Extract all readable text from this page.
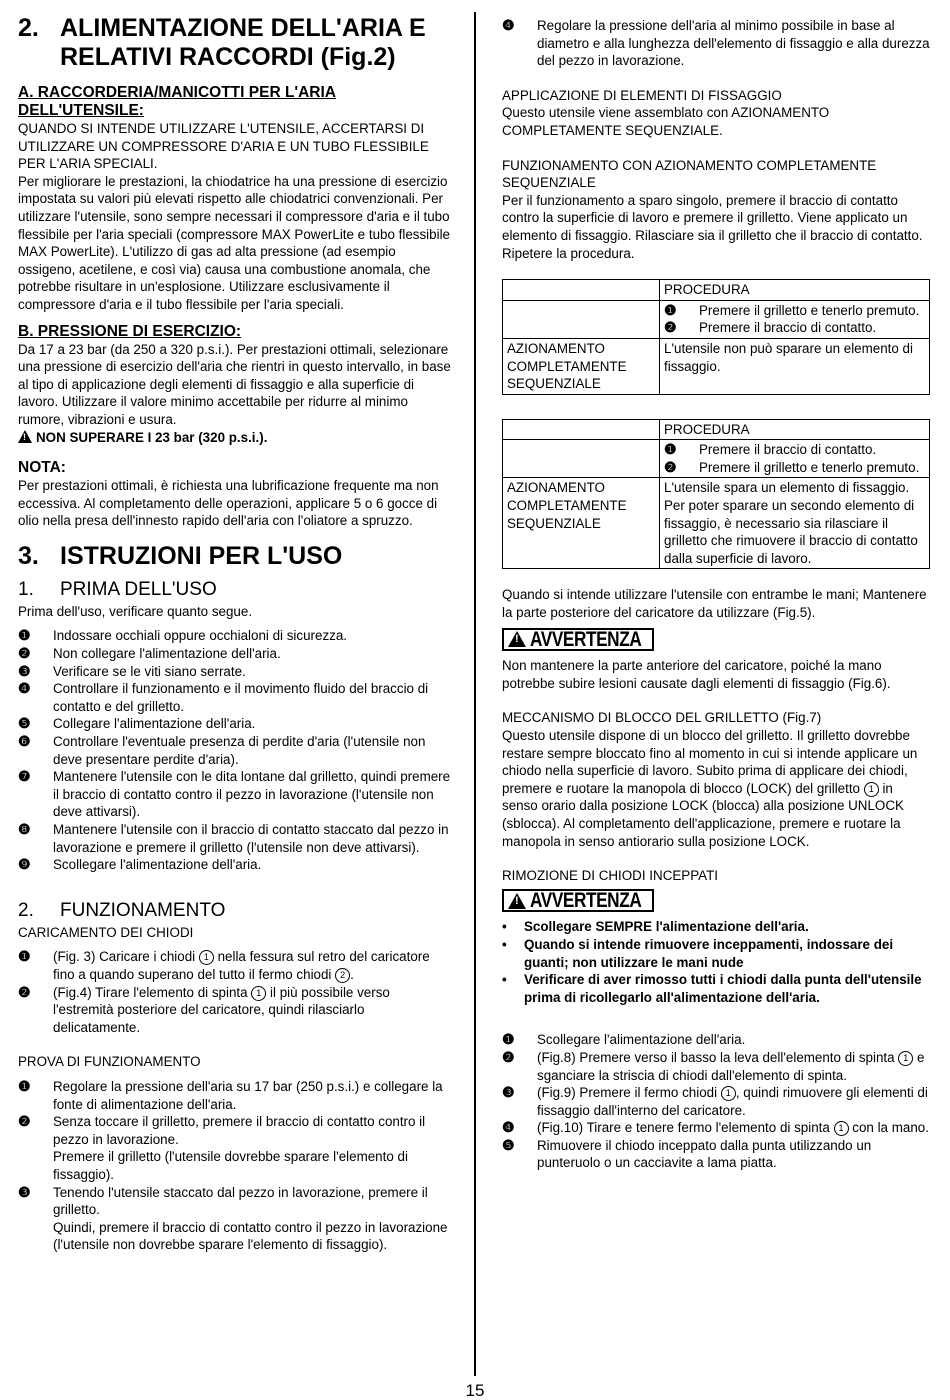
2. ALIMENTAZIONE DELL'ARIA E RELATIVI RACCORDI (Fig.2)
A. RACCORDERIA/MANICOTTI PER L'ARIA DELL'UTENSILE:

QUANDO SI INTENDE UTILIZZARE L'UTENSILE, ACCERTARSI DI UTILIZZARE UN COMPRESSORE D'ARIA E UN TUBO FLESSIBILE PER L'ARIA SPECIALI.

Per migliorare le prestazioni, la chiodatrice ha una pressione di esercizio impostata su valori più elevati rispetto alle chiodatrici convenzionali. Per utilizzare l'utensile, sono sempre necessari il compressore d'aria e il tubo flessibile per l'aria speciali (compressore MAX PowerLite e tubo flessibile MAX PowerLite). L'utilizzo di gas ad alta pressione (ad esempio ossigeno, acetilene, e così via) causa una combustione anomala, che potrebbe risultare in un'esplosione. Utilizzare esclusivamente il compressore d'aria e il tubo flessibile per l'aria speciali.

B. PRESSIONE DI ESERCIZIO:

Da 17 a 23 bar (da 250 a 320 p.s.i.). Per prestazioni ottimali, selezionare una pressione di esercizio dell'aria che rientri in questo intervallo, in base al tipo di applicazione degli elementi di fissaggio e alla superficie di lavoro. Utilizzare il valore minimo accettabile per ridurre al minimo rumore, vibrazioni e usura.

!NON SUPERARE I 23 bar (320 p.s.i.).

NOTA:

Per prestazioni ottimali, è richiesta una lubrificazione frequente ma non eccessiva. Al completamento delle operazioni, applicare 5 o 6 gocce di olio nella presa dell'innesto rapido dell'aria con l'oliatore a spruzzo.

3. ISTRUZIONI PER L'USO
1.	PRIMA DELL'USO

Prima dell'uso, verificare quanto segue.

❶	Indossare occhiali oppure occhialoni di sicurezza.
❷	Non collegare l'alimentazione dell'aria.
❸	Verificare se le viti siano serrate.
❹	Controllare il funzionamento e il movimento fluido del braccio di contatto e del grilletto.
❺	Collegare l'alimentazione dell'aria.
❻	Controllare l'eventuale presenza di perdite d'aria (l'utensile non deve presentare perdite d'aria).
❼	Mantenere l'utensile con le dita lontane dal grilletto, quindi premere il braccio di contatto contro il pezzo in lavorazione (l'utensile non deve attivarsi).
❽	Mantenere l'utensile con il braccio di contatto staccato dal pezzo in lavorazione e premere il grilletto (l'utensile non deve attivarsi).
❾	Scollegare l'alimentazione dell'aria.
2.	FUNZIONAMENTO

CARICAMENTO DEI CHIODI

❶	(Fig. 3) Caricare i chiodi 1 nella fessura sul retro del caricatore fino a quando superano del tutto il fermo chiodi 2 .
❷	(Fig.4) Tirare l'elemento di spinta 1 il più possibile verso l'estremità posteriore del caricatore, quindi rilasciarlo delicatamente.

PROVA DI FUNZIONAMENTO

❶	Regolare la pressione dell'aria su 17 bar (250 p.s.i.) e collegare la fonte di alimentazione dell'aria.
❷	Senza toccare il grilletto, premere il braccio di contatto contro il pezzo in lavorazione.
Premere il grilletto (l'utensile dovrebbe sparare l'elemento di fissaggio).
❸	Tenendo l'utensile staccato dal pezzo in lavorazione, premere il grilletto.
Quindi, premere il braccio di contatto contro il pezzo in lavorazione (l'utensile non dovrebbe sparare l'elemento di fissaggio).
❹	Regolare la pressione dell'aria al minimo possibile in base al diametro e alla lunghezza dell'elemento di fissaggio e alla durezza del pezzo in lavorazione.

APPLICAZIONE DI ELEMENTI DI FISSAGGIO

Questo utensile viene assemblato con AZIONAMENTO COMPLETAMENTE SEQUENZIALE.

FUNZIONAMENTO CON AZIONAMENTO COMPLETAMENTE SEQUENZIALE

Per il funzionamento a sparo singolo, premere il braccio di contatto contro la superficie di lavoro e premere il grilletto. Viene applicato un elemento di fissaggio. Rilasciare sia il grilletto che il braccio di contatto. Ripetere la procedura.

	PROCEDURA

	❶ Premere il grilletto e tenerlo premuto.
❷ Premere il braccio di contatto.

AZIONAMENTO COMPLETAMENTE SEQUENZIALE	L'utensile non può sparare un elemento di fissaggio.
	PROCEDURA

	❶ Premere il braccio di contatto.
❷ Premere il grilletto e tenerlo premuto.

AZIONAMENTO COMPLETAMENTE SEQUENZIALE	L'utensile spara un elemento di fissaggio.
Per poter sparare un secondo elemento di fissaggio, è necessario sia rilasciare il grilletto che rimuovere il braccio di contatto dalla superficie di lavoro.

Quando si intende utilizzare l'utensile con entrambe le mani; Mantenere la parte posteriore del caricatore da utilizzare (Fig.5).

!
AVVERTENZA

Non mantenere la parte anteriore del caricatore, poiché la mano potrebbe subire lesioni causate dagli elementi di fissaggio (Fig.6).

MECCANISMO DI BLOCCO DEL GRILLETTO (Fig.7)

Questo utensile dispone di un blocco del grilletto. Il grilletto dovrebbe restare sempre bloccato fino al momento in cui si intende applicare un chiodo nella superficie di lavoro. Subito prima di applicare dei chiodi, premere e ruotare la manopola di blocco (LOCK) del grilletto 1 in senso orario dalla posizione LOCK (blocca) alla posizione UNLOCK (sblocca). Al completamento dell'applicazione, premere e ruotare la manopola in senso antiorario sulla posizione LOCK.

RIMOZIONE DI CHIODI INCEPPATI

!
AVVERTENZA
•	Scollegare SEMPRE l'alimentazione dell'aria.
•	Quando si intende rimuovere inceppamenti, indossare dei guanti; non utilizzare le mani nude
•	Verificare di aver rimosso tutti i chiodi dalla punta dell'utensile prima di ricollegarlo all'alimentazione dell'aria.
❶	Scollegare l'alimentazione dell'aria.
❷	(Fig.8) Premere verso il basso la leva dell'elemento di spinta 1 e sganciare la striscia di chiodi dall'elemento di spinta.
❸	(Fig.9) Premere il fermo chiodi 1 , quindi rimuovere gli elementi di fissaggio dall'interno del caricatore.
❹	(Fig.10) Tirare e tenere fermo l'elemento di spinta 1 con la mano.
❺	Rimuovere il chiodo inceppato dalla punta utilizzando un punteruolo o un cacciavite a lama piatta.
15
